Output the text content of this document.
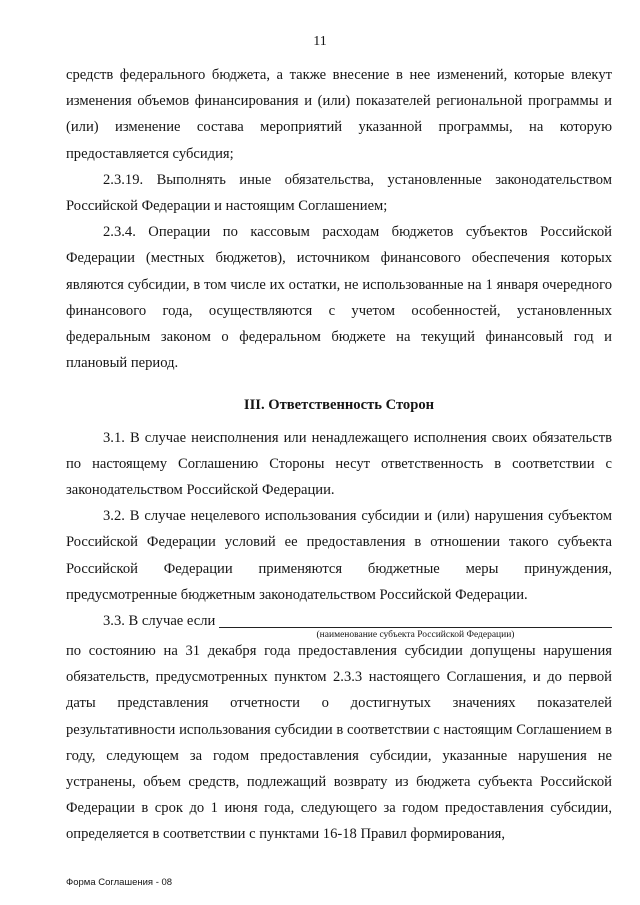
11

средств федерального бюджета, а также внесение в нее изменений, которые влекут изменения объемов финансирования и (или) показателей региональной программы и (или) изменение состава мероприятий указанной программы, на которую предоставляется субсидия;

2.3.19. Выполнять иные обязательства, установленные законодательством Российской Федерации и настоящим Соглашением;

2.3.4. Операции по кассовым расходам бюджетов субъектов Российской Федерации (местных бюджетов), источником финансового обеспечения которых являются субсидии, в том числе их остатки, не использованные на 1 января очередного финансового года, осуществляются с учетом особенностей, установленных федеральным законом о федеральном бюджете на текущий финансовый год и плановый период.

III. Ответственность Сторон

3.1. В случае неисполнения или ненадлежащего исполнения своих обязательств по настоящему Соглашению Стороны несут ответственность в соответствии с законодательством Российской Федерации.

3.2. В случае нецелевого использования субсидии и (или) нарушения субъектом Российской Федерации условий ее предоставления в отношении такого субъекта Российской Федерации применяются бюджетные меры принуждения, предусмотренные бюджетным законодательством Российской Федерации.

3.3. В случае если
(наименование субъекта Российской Федерации)

по состоянию на 31 декабря года предоставления субсидии допущены нарушения обязательств, предусмотренных пунктом 2.3.3 настоящего Соглашения, и до первой даты представления отчетности о достигнутых значениях показателей результативности использования субсидии в соответствии с настоящим Соглашением в году, следующем за годом предоставления субсидии, указанные нарушения не устранены, объем средств, подлежащий возврату из бюджета субъекта Российской Федерации в срок до 1 июня года, следующего за годом предоставления субсидии, определяется в соответствии с пунктами 16-18 Правил формирования,

Форма Соглашения - 08
